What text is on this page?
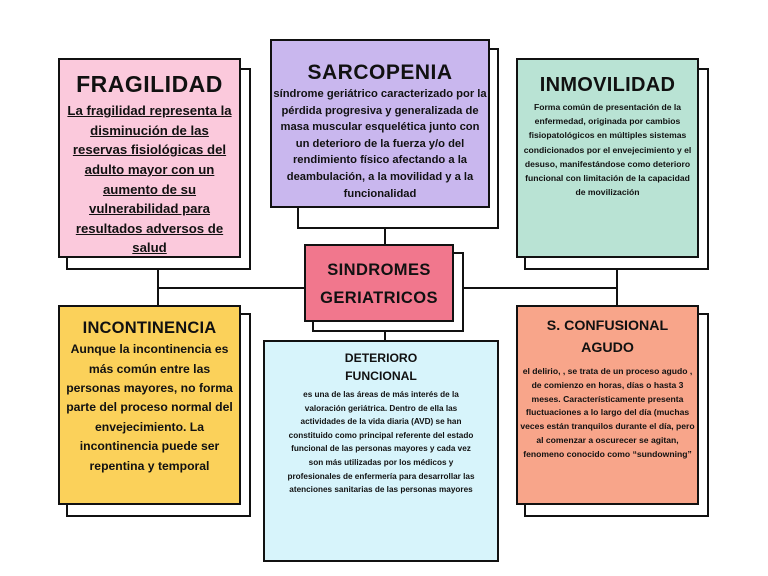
FRAGILIDAD
La fragilidad representa la disminución de las reservas fisiológicas del adulto mayor con un aumento de su vulnerabilidad para resultados adversos de salud
SARCOPENIA
síndrome geriátrico caracterizado por la pérdida progresiva y generalizada de masa muscular esquelética junto con un deterioro de la fuerza y/o del rendimiento físico afectando a la deambulación, a la movilidad y a la funcionalidad
INMOVILIDAD
Forma común de presentación de la enfermedad, originada por cambios fisiopatológicos en múltiples sistemas condicionados por el envejecimiento y el desuso, manifestándose como deterioro funcional con limitación de la capacidad de movilización
SINDROMES
GERIATRICOS
INCONTINENCIA
Aunque la incontinencia es más común entre las personas mayores, no forma parte del proceso normal del envejecimiento. La incontinencia puede ser repentina y temporal
DETERIORO
FUNCIONAL
es una de las áreas de más interés de la valoración geriátrica. Dentro de ella las actividades de la vida diaria (AVD) se han constituido como principal referente del estado funcional de las personas mayores y cada vez son más utilizadas por los médicos y profesionales de enfermería para desarrollar las atenciones sanitarias de las personas mayores
S. CONFUSIONAL
AGUDO
el delirio, , se trata de un proceso agudo , de comienzo en horas, días o hasta 3 meses. Característicamente presenta fluctuaciones a lo largo del día (muchas veces están tranquilos durante el día, pero al comenzar a oscurecer se agitan, fenomeno conocido como “sundowning”
